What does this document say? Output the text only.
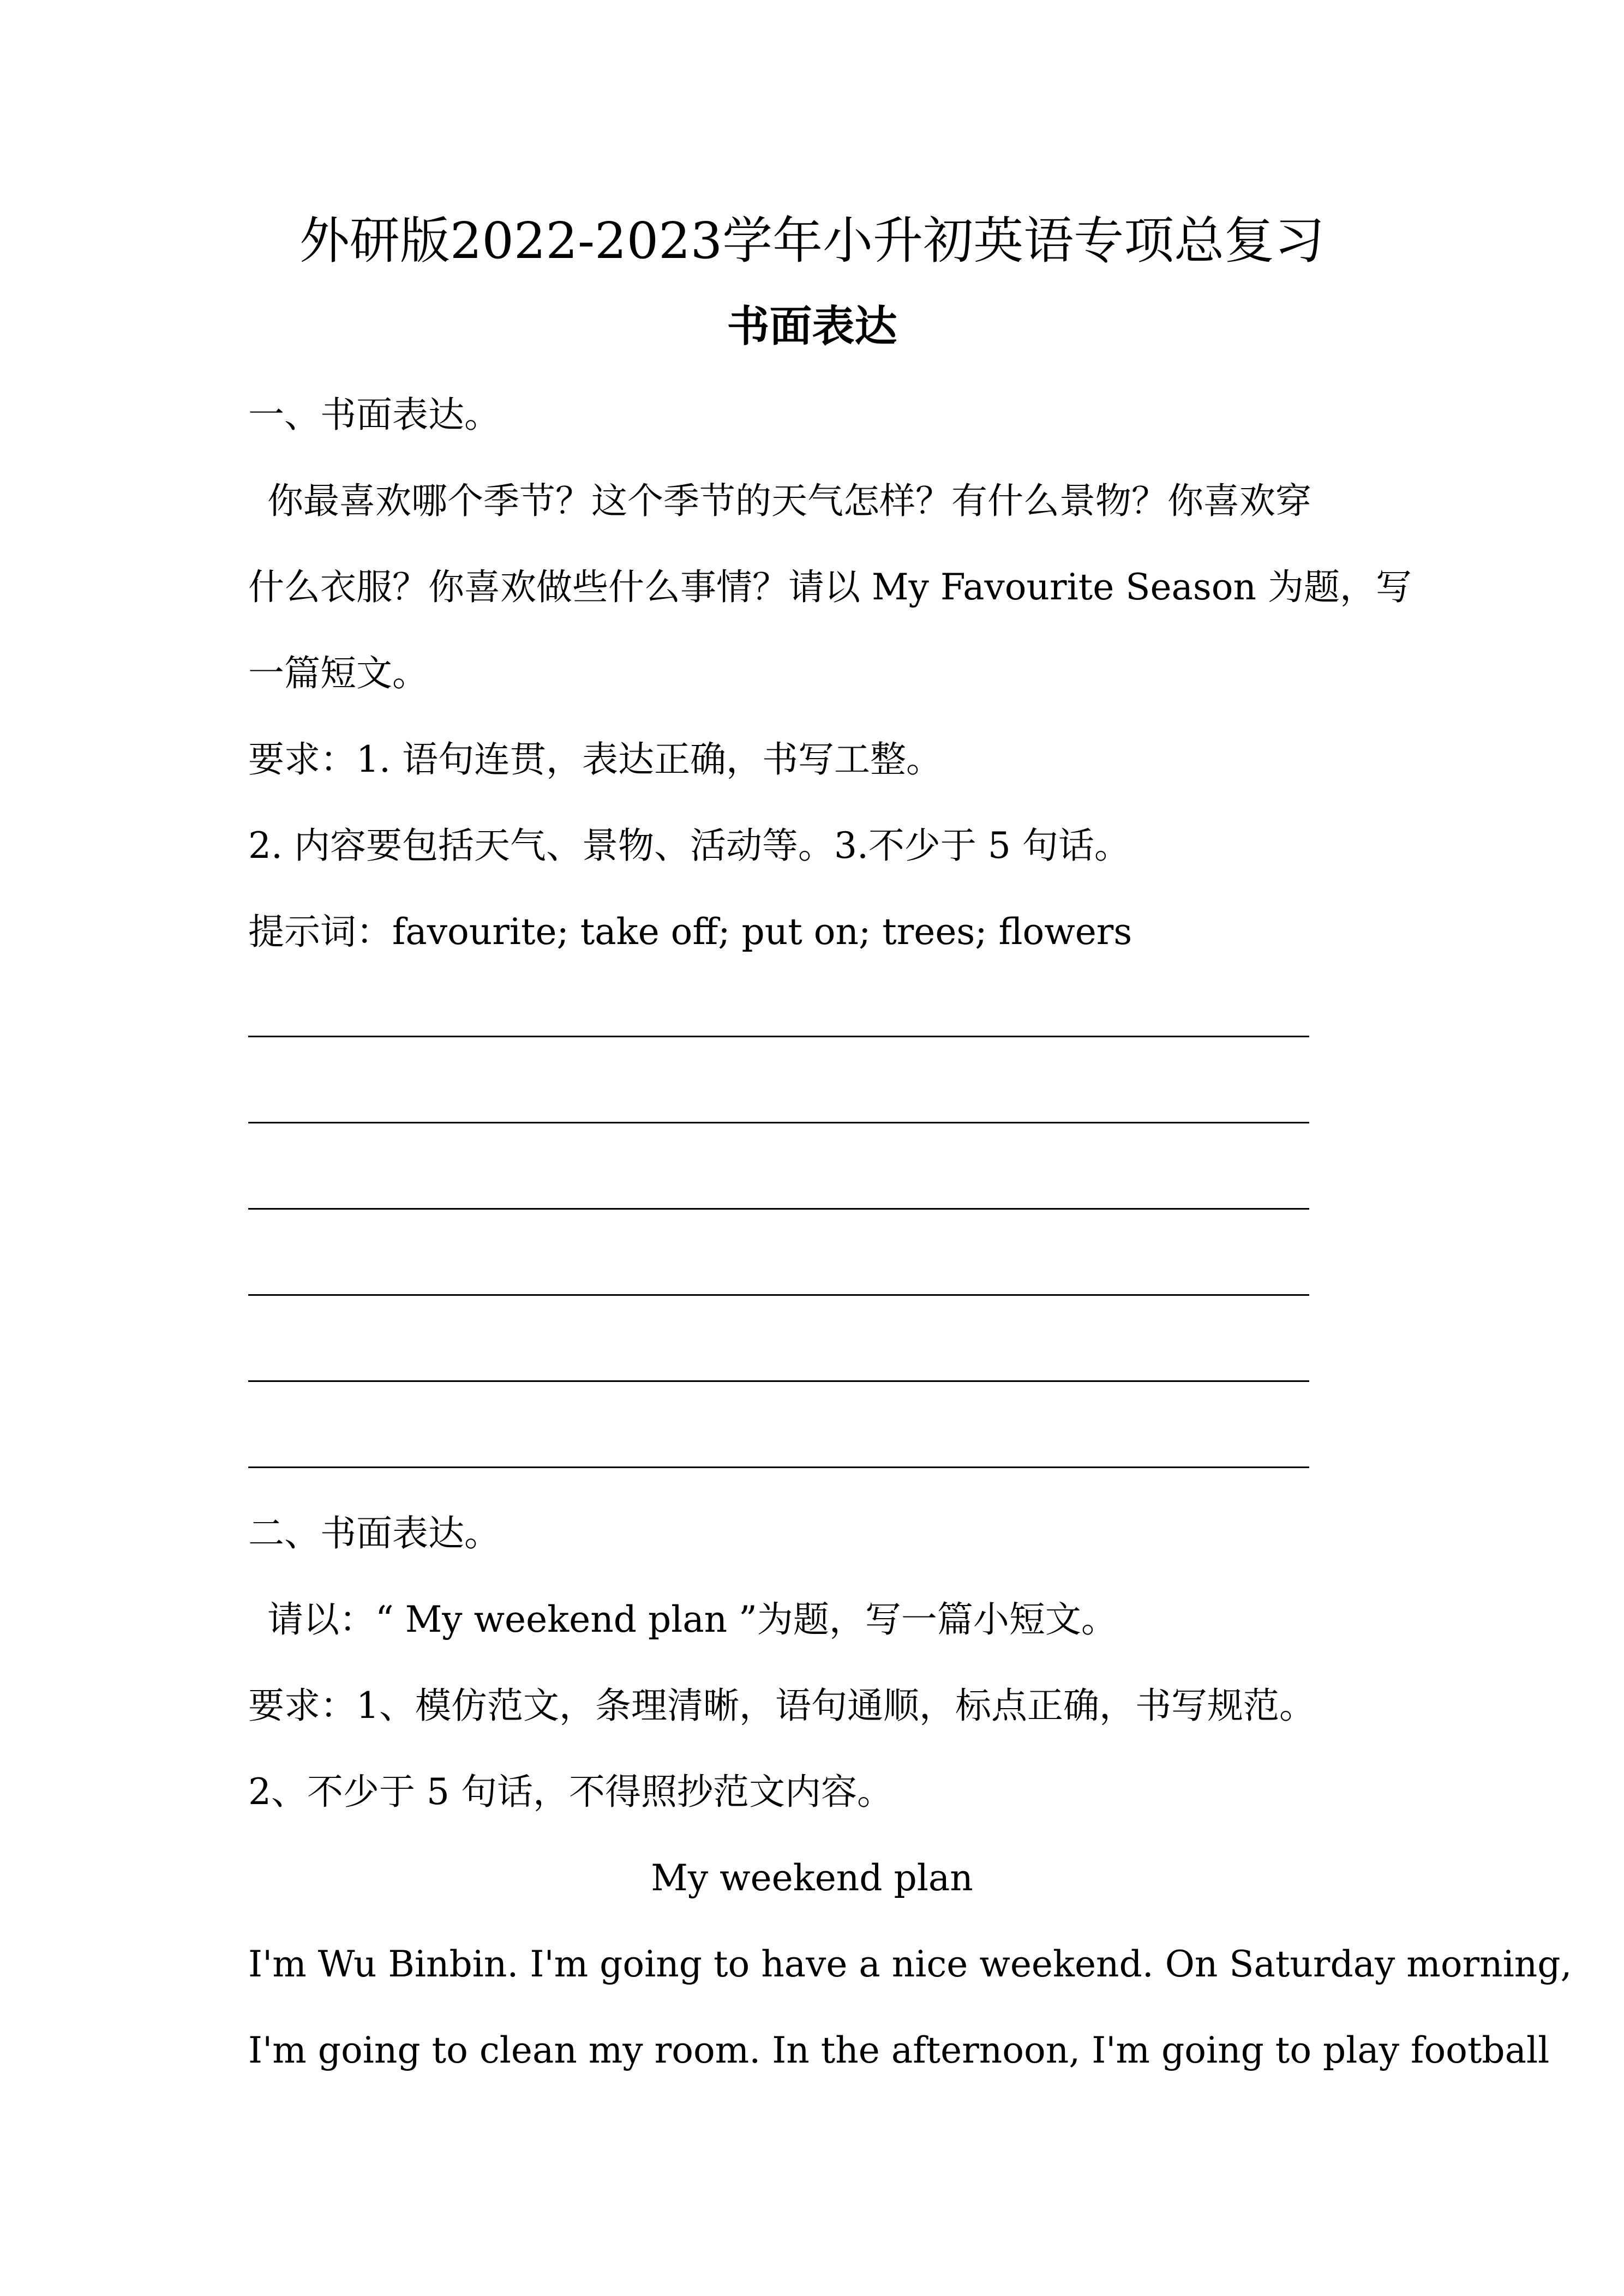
外研版2022-2023学年小升初英语专项总复习
书面表达
一、书面表达。
你最喜欢哪个季节？这个季节的天气怎样？有什么景物？你喜欢穿
什么衣服？你喜欢做些什么事情？请以 My Favourite Season 为题，写
一篇短文。
要求：1. 语句连贯，表达正确，书写工整。
2. 内容要包括天气、景物、活动等。3.不少于 5 句话。
提示词：favourite; take off; put on; trees; flowers
二、书面表达。
请以：“ My weekend plan ”为题，写一篇小短文。
要求：1、模仿范文，条理清晰，语句通顺，标点正确，书写规范。
2、不少于 5 句话，不得照抄范文内容。
My weekend plan
I'm Wu Binbin. I'm going to have a nice weekend. On Saturday morning,
I'm going to clean my room. In the afternoon, I'm going to play football
